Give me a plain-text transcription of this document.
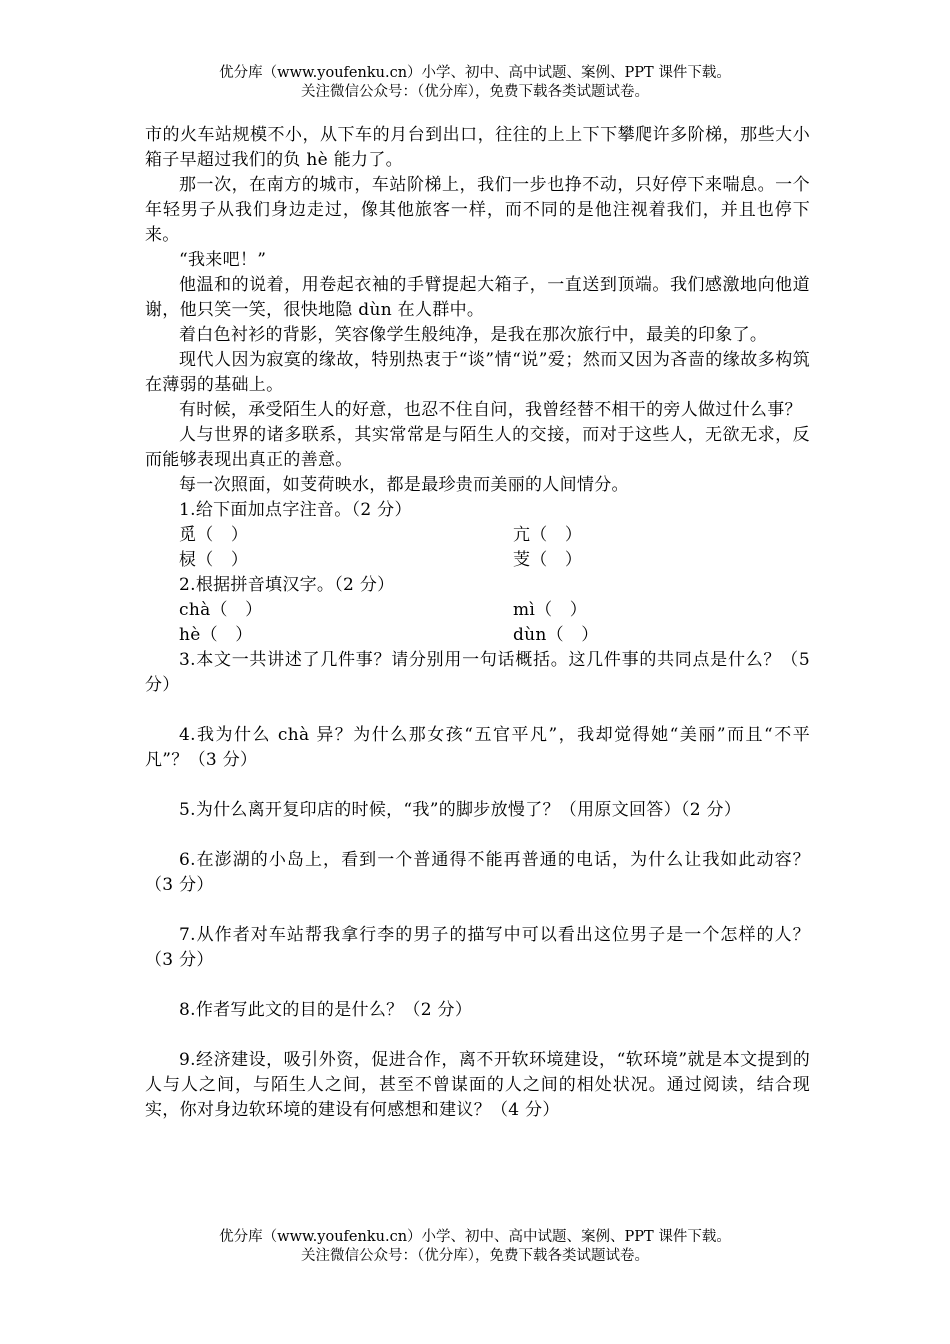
优分库（www.youfenku.cn）小学、初中、高中试题、案例、PPT 课件下载。
关注微信公众号：（优分库），免费下载各类试题试卷。

市的火车站规模不小，从下车的月台到出口，往往的上上下下攀爬许多阶梯，那些大小箱子早超过我们的负 hè 能力了。

那一次，在南方的城市，车站阶梯上，我们一步也挣不动，只好停下来喘息。一个年轻男子从我们身边走过，像其他旅客一样，而不同的是他注视着我们，并且也停下来。

“我来吧！”

他温和的说着，用卷起衣袖的手臂提起大箱子，一直送到顶端。我们感激地向他道谢，他只笑一笑，很快地隐 dùn 在人群中。

着白色衬衫的背影，笑容像学生般纯净，是我在那次旅行中，最美的印象了。

现代人因为寂寞的缘故，特别热衷于“谈”情“说”爱；然而又因为吝啬的缘故多构筑在薄弱的基础上。

有时候，承受陌生人的好意，也忍不住自问，我曾经替不相干的旁人做过什么事？

人与世界的诸多联系，其实常常是与陌生人的交接，而对于这些人，无欲无求，反而能够表现出真正的善意。

每一次照面，如芰荷映水，都是最珍贵而美丽的人间情分。

1.给下面加点字注音。（2 分）

觅（　）	亢（　）
棂（　）	芰（　）

2.根据拼音填汉字。（2 分）

chà（　）	mì（　）
hè（　）	dùn（　）

3.本文一共讲述了几件事？请分别用一句话概括。这几件事的共同点是什么？（5 分）

4.我为什么 chà 异？为什么那女孩“五官平凡”，我却觉得她“美丽”而且“不平凡”？（3 分）

5.为什么离开复印店的时候，“我”的脚步放慢了？（用原文回答）（2 分）

6.在澎湖的小岛上，看到一个普通得不能再普通的电话，为什么让我如此动容？（3 分）

7.从作者对车站帮我拿行李的男子的描写中可以看出这位男子是一个怎样的人？（3 分）

8.作者写此文的目的是什么？（2 分）

9.经济建设，吸引外资，促进合作，离不开软环境建设，“软环境”就是本文提到的人与人之间，与陌生人之间，甚至不曾谋面的人之间的相处状况。通过阅读，结合现实，你对身边软环境的建设有何感想和建议？（4 分）

优分库（www.youfenku.cn）小学、初中、高中试题、案例、PPT 课件下载。
关注微信公众号：（优分库），免费下载各类试题试卷。
